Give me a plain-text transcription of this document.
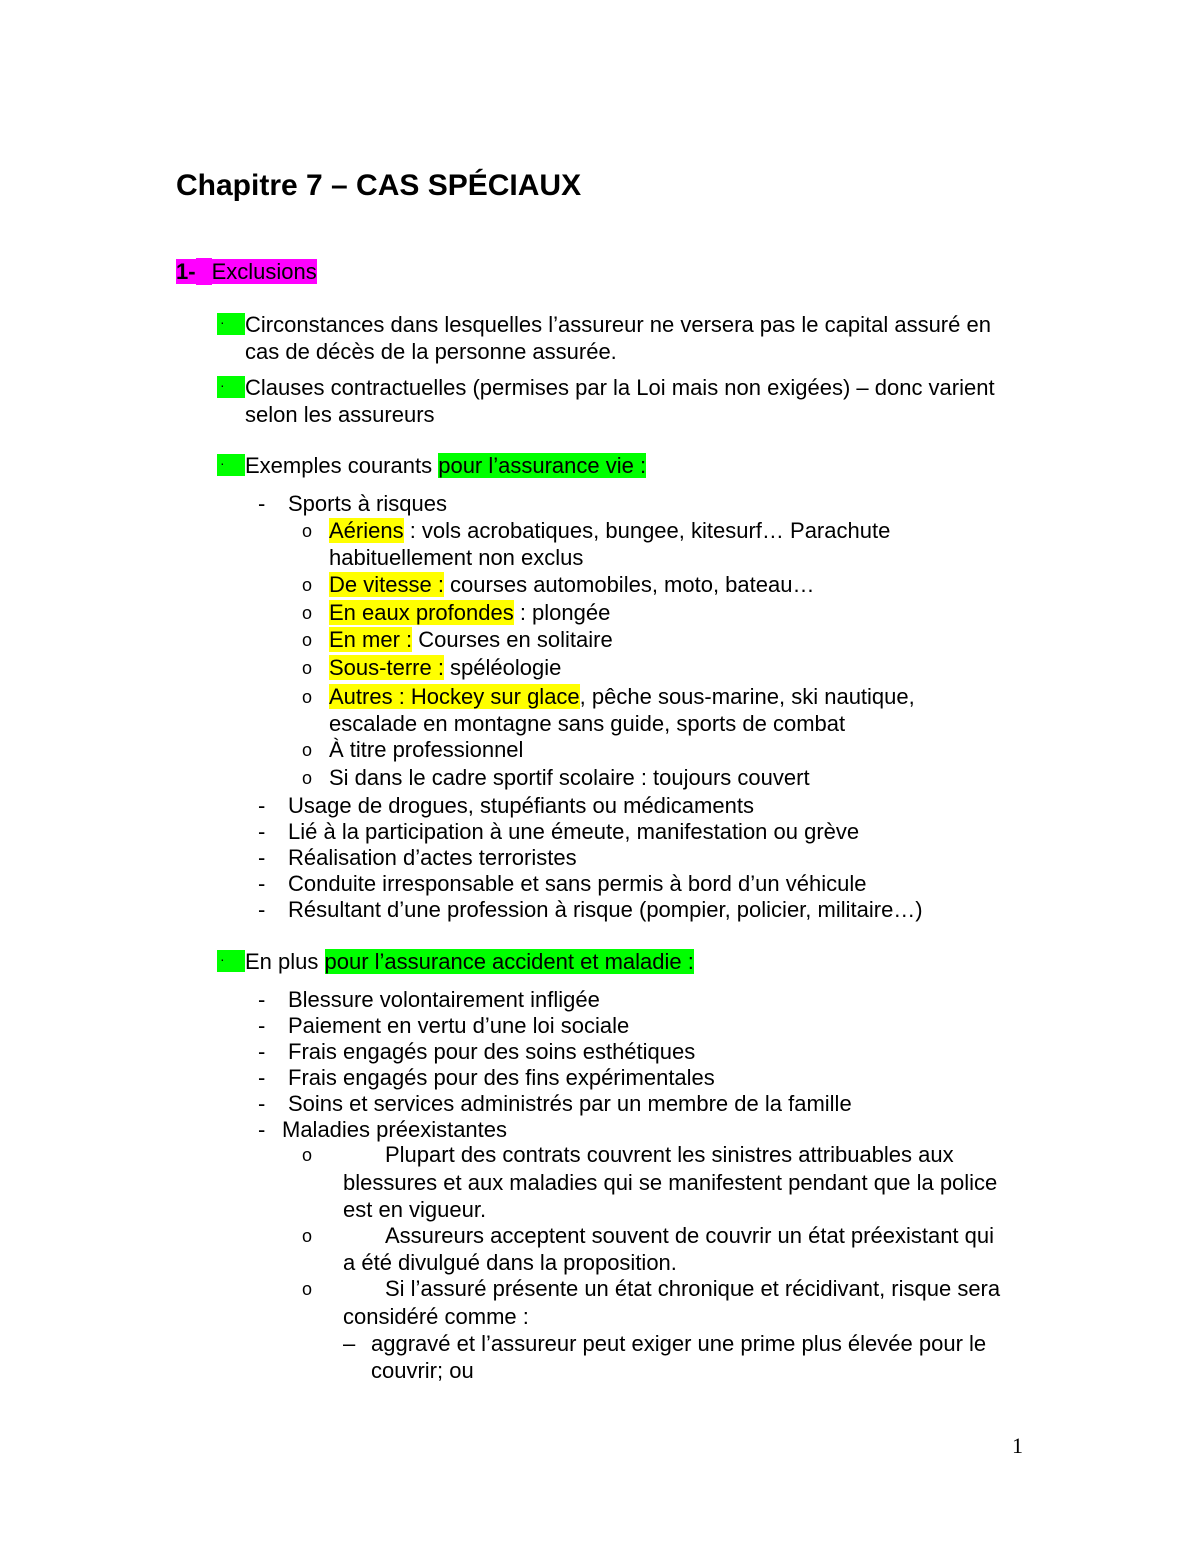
Chapitre 7 – CAS SPÉCIAUX
1- Exclusions
· Circonstances dans lesquelles l’assureur ne versera pas le capital assuré en
cas de décès de la personne assurée.
· Clauses contractuelles (permises par la Loi mais non exigées) – donc varient
selon les assureurs
· Exemples courants pour l’assurance vie :
- Sports à risques
o Aériens : vols acrobatiques, bungee, kitesurf… Parachute
habituellement non exclus
o De vitesse : courses automobiles, moto, bateau…
o En eaux profondes : plongée
o En mer : Courses en solitaire
o Sous-terre : spéléologie
o Autres : Hockey sur glace, pêche sous-marine, ski nautique,
escalade en montagne sans guide, sports de combat
o À titre professionnel
o Si dans le cadre sportif scolaire : toujours couvert
- Usage de drogues, stupéfiants ou médicaments
- Lié à la participation à une émeute, manifestation ou grève
- Réalisation d’actes terroristes
- Conduite irresponsable et sans permis à bord d’un véhicule
- Résultant d’une profession à risque (pompier, policier, militaire…)
· En plus pour l’assurance accident et maladie :
- Blessure volontairement infligée
- Paiement en vertu d’une loi sociale
- Frais engagés pour des soins esthétiques
- Frais engagés pour des fins expérimentales
- Soins et services administrés par un membre de la famille
- Maladies préexistantes
o	Plupart des contrats couvrent les sinistres attribuables aux
blessures et aux maladies qui se manifestent pendant que la police
est en vigueur.
o	Assureurs acceptent souvent de couvrir un état préexistant qui
a été divulgué dans la proposition.
o	Si l’assuré présente un état chronique et récidivant, risque sera
considéré comme :
– aggravé et l’assureur peut exiger une prime plus élevée pour le
couvrir; ou
1
